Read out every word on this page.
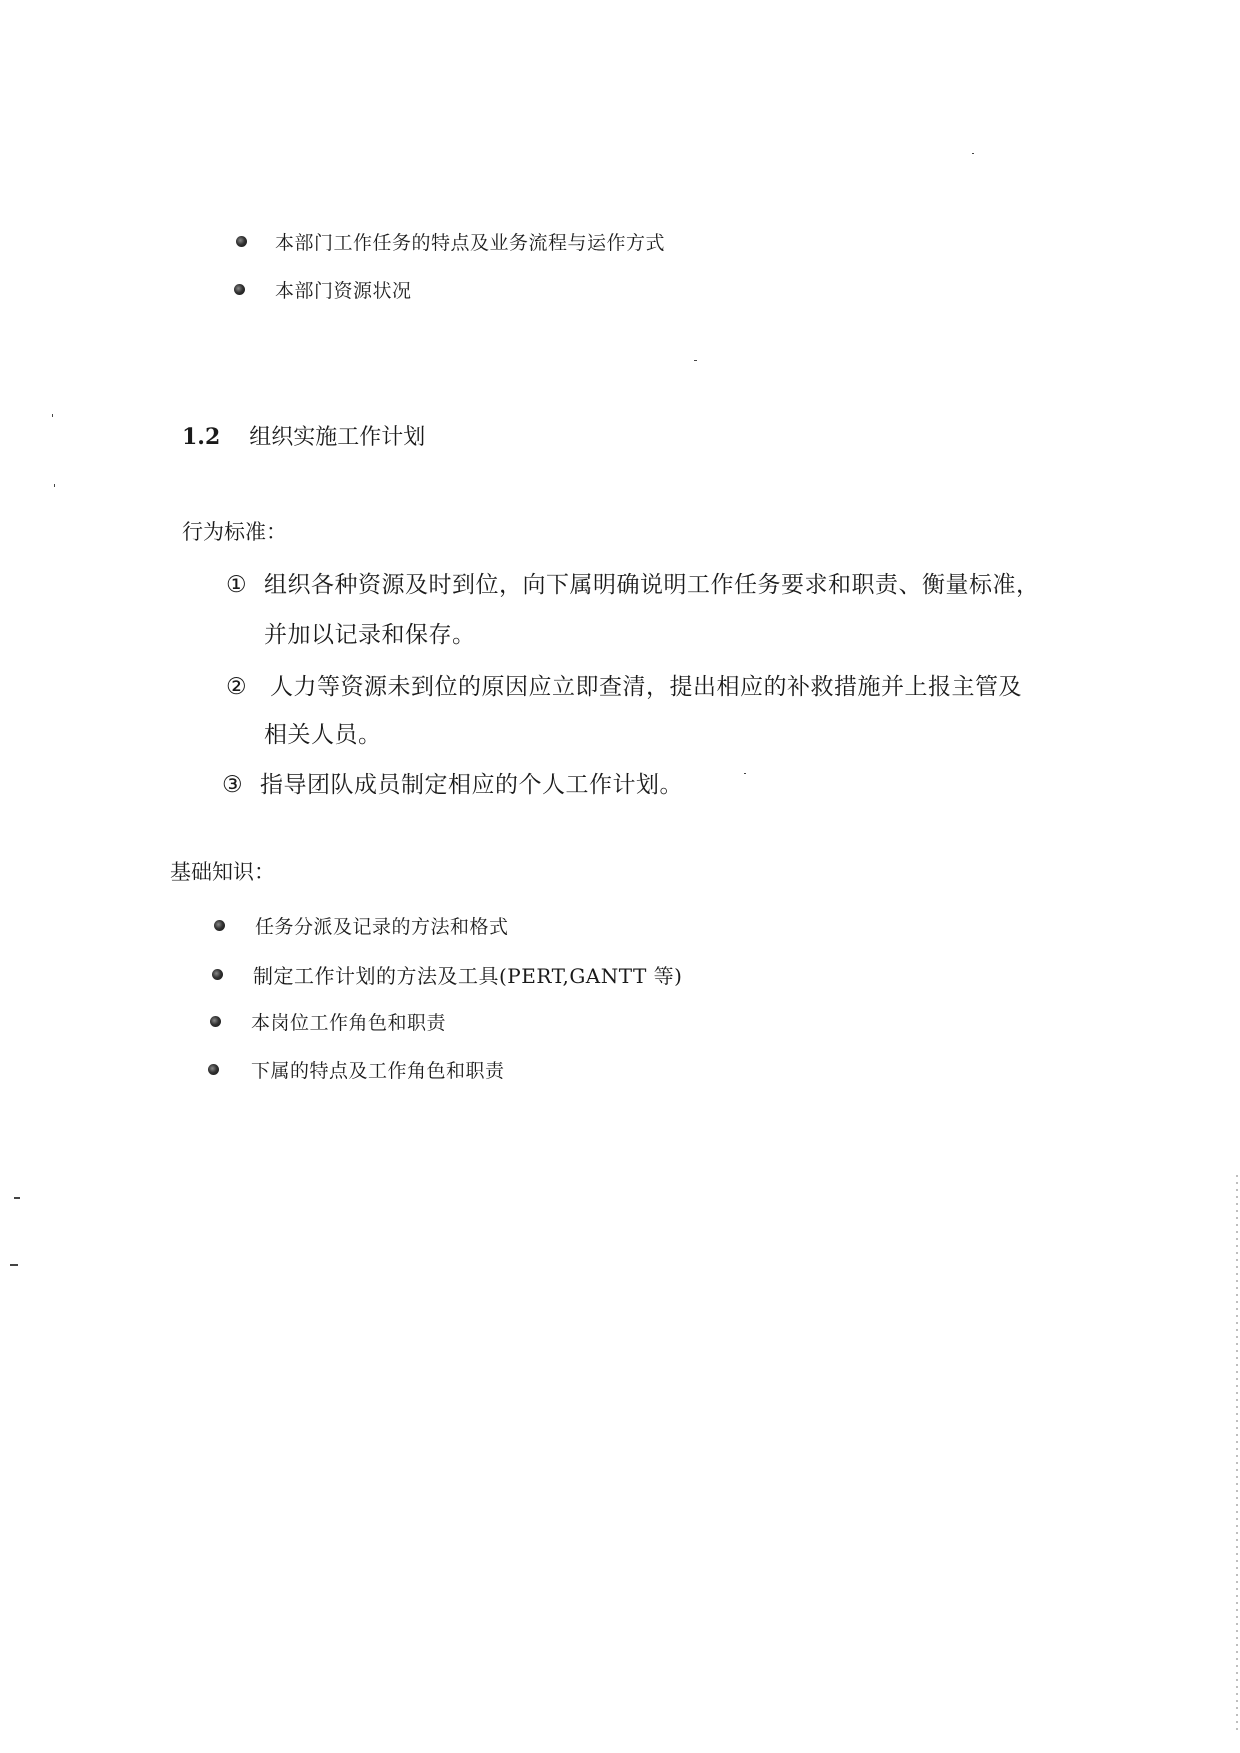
本部门工作任务的特点及业务流程与运作方式
本部门资源状况
1.2 组织实施工作计划
行为标准：
① 组织各种资源及时到位，向下属明确说明工作任务要求和职责、衡量标准，
并加以记录和保存。
② 人力等资源未到位的原因应立即查清，提出相应的补救措施并上报主管及
相关人员。
③ 指导团队成员制定相应的个人工作计划。
基础知识：
任务分派及记录的方法和格式
制定工作计划的方法及工具(PERT,GANTT 等)
本岗位工作角色和职责
下属的特点及工作角色和职责
